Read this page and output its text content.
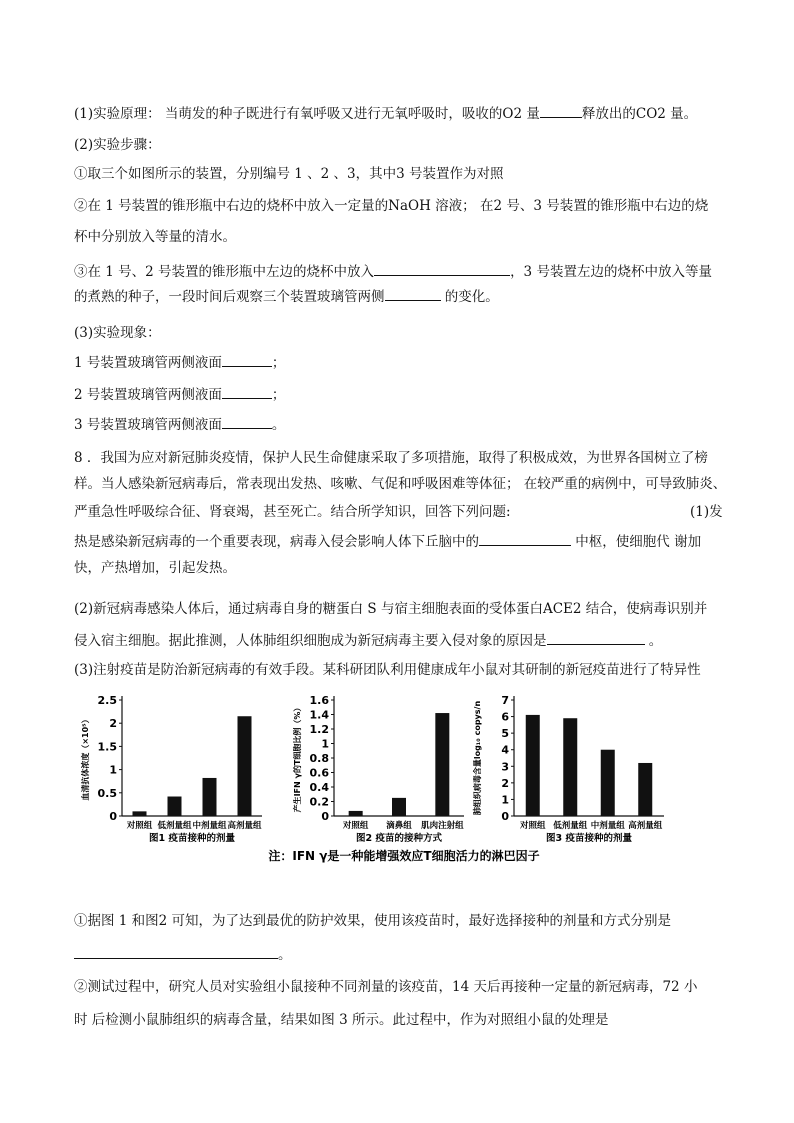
(1)实验原理： 当萌发的种子既进行有氧呼吸又进行无氧呼吸时，吸收的O2 量	释放出的CO2 量。
(2)实验步骤：
①取三个如图所示的装置，分别编号 1 、2 、3，其中3 号装置作为对照
②在 1 号装置的锥形瓶中右边的烧杯中放入一定量的NaOH 溶液； 在2 号、3 号装置的锥形瓶中右边的烧
杯中分别放入等量的清水。
③在 1 号、2 号装置的锥形瓶中左边的烧杯中放入	，3 号装置左边的烧杯中放入等量
的煮熟的种子，一段时间后观察三个装置玻璃管两侧	的变化。
(3)实验现象：
1 号装置玻璃管两侧液面	；
2 号装置玻璃管两侧液面	；
3 号装置玻璃管两侧液面	。
8 ．我国为应对新冠肺炎疫情，保护人民生命健康采取了多项措施，取得了积极成效，为世界各国树立了榜
样。当人感染新冠病毒后，常表现出发热、咳嗽、气促和呼吸困难等体征； 在较严重的病例中，可导致肺炎、
严重急性呼吸综合征、肾衰竭，甚至死亡。结合所学知识，回答下列问题:	(1)发
热是感染新冠病毒的一个重要表现，病毒入侵会影响人体下丘脑中的	中枢，使细胞代 谢加
快，产热增加，引起发热。
(2)新冠病毒感染人体后，通过病毒自身的糖蛋白 S 与宿主细胞表面的受体蛋白ACE2 结合，使病毒识别并
侵入宿主细胞。据此推测，人体肺组织细胞成为新冠病毒主要入侵对象的原因是	。
(3)注射疫苗是防治新冠病毒的有效手段。某科研团队利用健康成年小鼠对其研制的新冠疫苗进行了特异性
0
0.5
1
1.5
2
2.5
对照组 低剂量组 中剂量组 高剂量组
图1 疫苗接种的剂量
血清抗体浓度（×10⁵）
0
0.2
0.4
0.6
0.8
1
1.2
1.4
1.6
对照组 滴鼻组 肌肉注射组
图2 疫苗的接种方式
产生IFN γ的T细胞比例（%）
0
1
2
3
4
5
6
7
对照组 低剂量组 中剂量组 高剂量组
图3 疫苗接种的剂量
肺组织病毒含量log₁₀ copys/n
注：IFN γ是一种能增强效应T细胞活力的淋巴因子
①据图 1 和图2 可知，为了达到最优的防护效果，使用该疫苗时，最好选择接种的剂量和方式分别是
。
②测试过程中，研究人员对实验组小鼠接种不同剂量的该疫苗，14 天后再接种一定量的新冠病毒，72 小
时 后检测小鼠肺组织的病毒含量，结果如图 3 所示。此过程中，作为对照组小鼠的处理是
